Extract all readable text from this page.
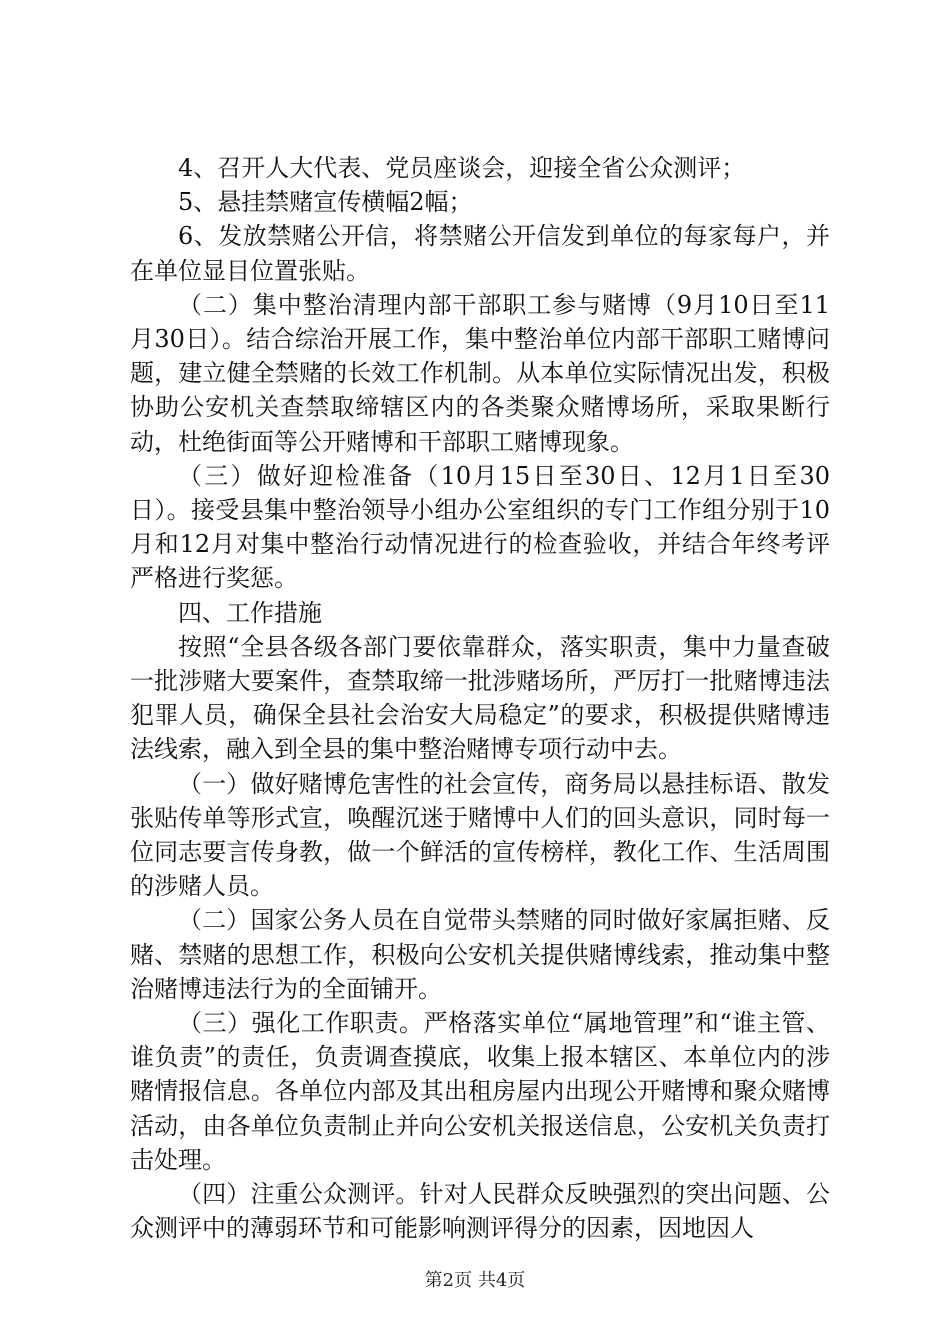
4、召开人大代表、党员座谈会，迎接全省公众测评；

5、悬挂禁赌宣传横幅2幅；

6、发放禁赌公开信，将禁赌公开信发到单位的每家每户，并在单位显目位置张贴。

（二）集中整治清理内部干部职工参与赌博（9月10日至11月30日）。结合综治开展工作，集中整治单位内部干部职工赌博问题，建立健全禁赌的长效工作机制。从本单位实际情况出发，积极协助公安机关查禁取缔辖区内的各类聚众赌博场所，采取果断行动，杜绝街面等公开赌博和干部职工赌博现象。

（三）做好迎检准备（10月15日至30日、12月1日至30日）。接受县集中整治领导小组办公室组织的专门工作组分别于10月和12月对集中整治行动情况进行的检查验收，并结合年终考评严格进行奖惩。

四、工作措施

按照“全县各级各部门要依靠群众，落实职责，集中力量查破一批涉赌大要案件，查禁取缔一批涉赌场所，严厉打一批赌博违法犯罪人员，确保全县社会治安大局稳定”的要求，积极提供赌博违法线索，融入到全县的集中整治赌博专项行动中去。

（一）做好赌博危害性的社会宣传，商务局以悬挂标语、散发张贴传单等形式宣，唤醒沉迷于赌博中人们的回头意识，同时每一位同志要言传身教，做一个鲜活的宣传榜样，教化工作、生活周围的涉赌人员。

（二）国家公务人员在自觉带头禁赌的同时做好家属拒赌、反赌、禁赌的思想工作，积极向公安机关提供赌博线索，推动集中整治赌博违法行为的全面铺开。

（三）强化工作职责。严格落实单位“属地管理”和“谁主管、谁负责”的责任，负责调查摸底，收集上报本辖区、本单位内的涉赌情报信息。各单位内部及其出租房屋内出现公开赌博和聚众赌博活动，由各单位负责制止并向公安机关报送信息，公安机关负责打击处理。

（四）注重公众测评。针对人民群众反映强烈的突出问题、公众测评中的薄弱环节和可能影响测评得分的因素，因地因人

第2页 共4页
